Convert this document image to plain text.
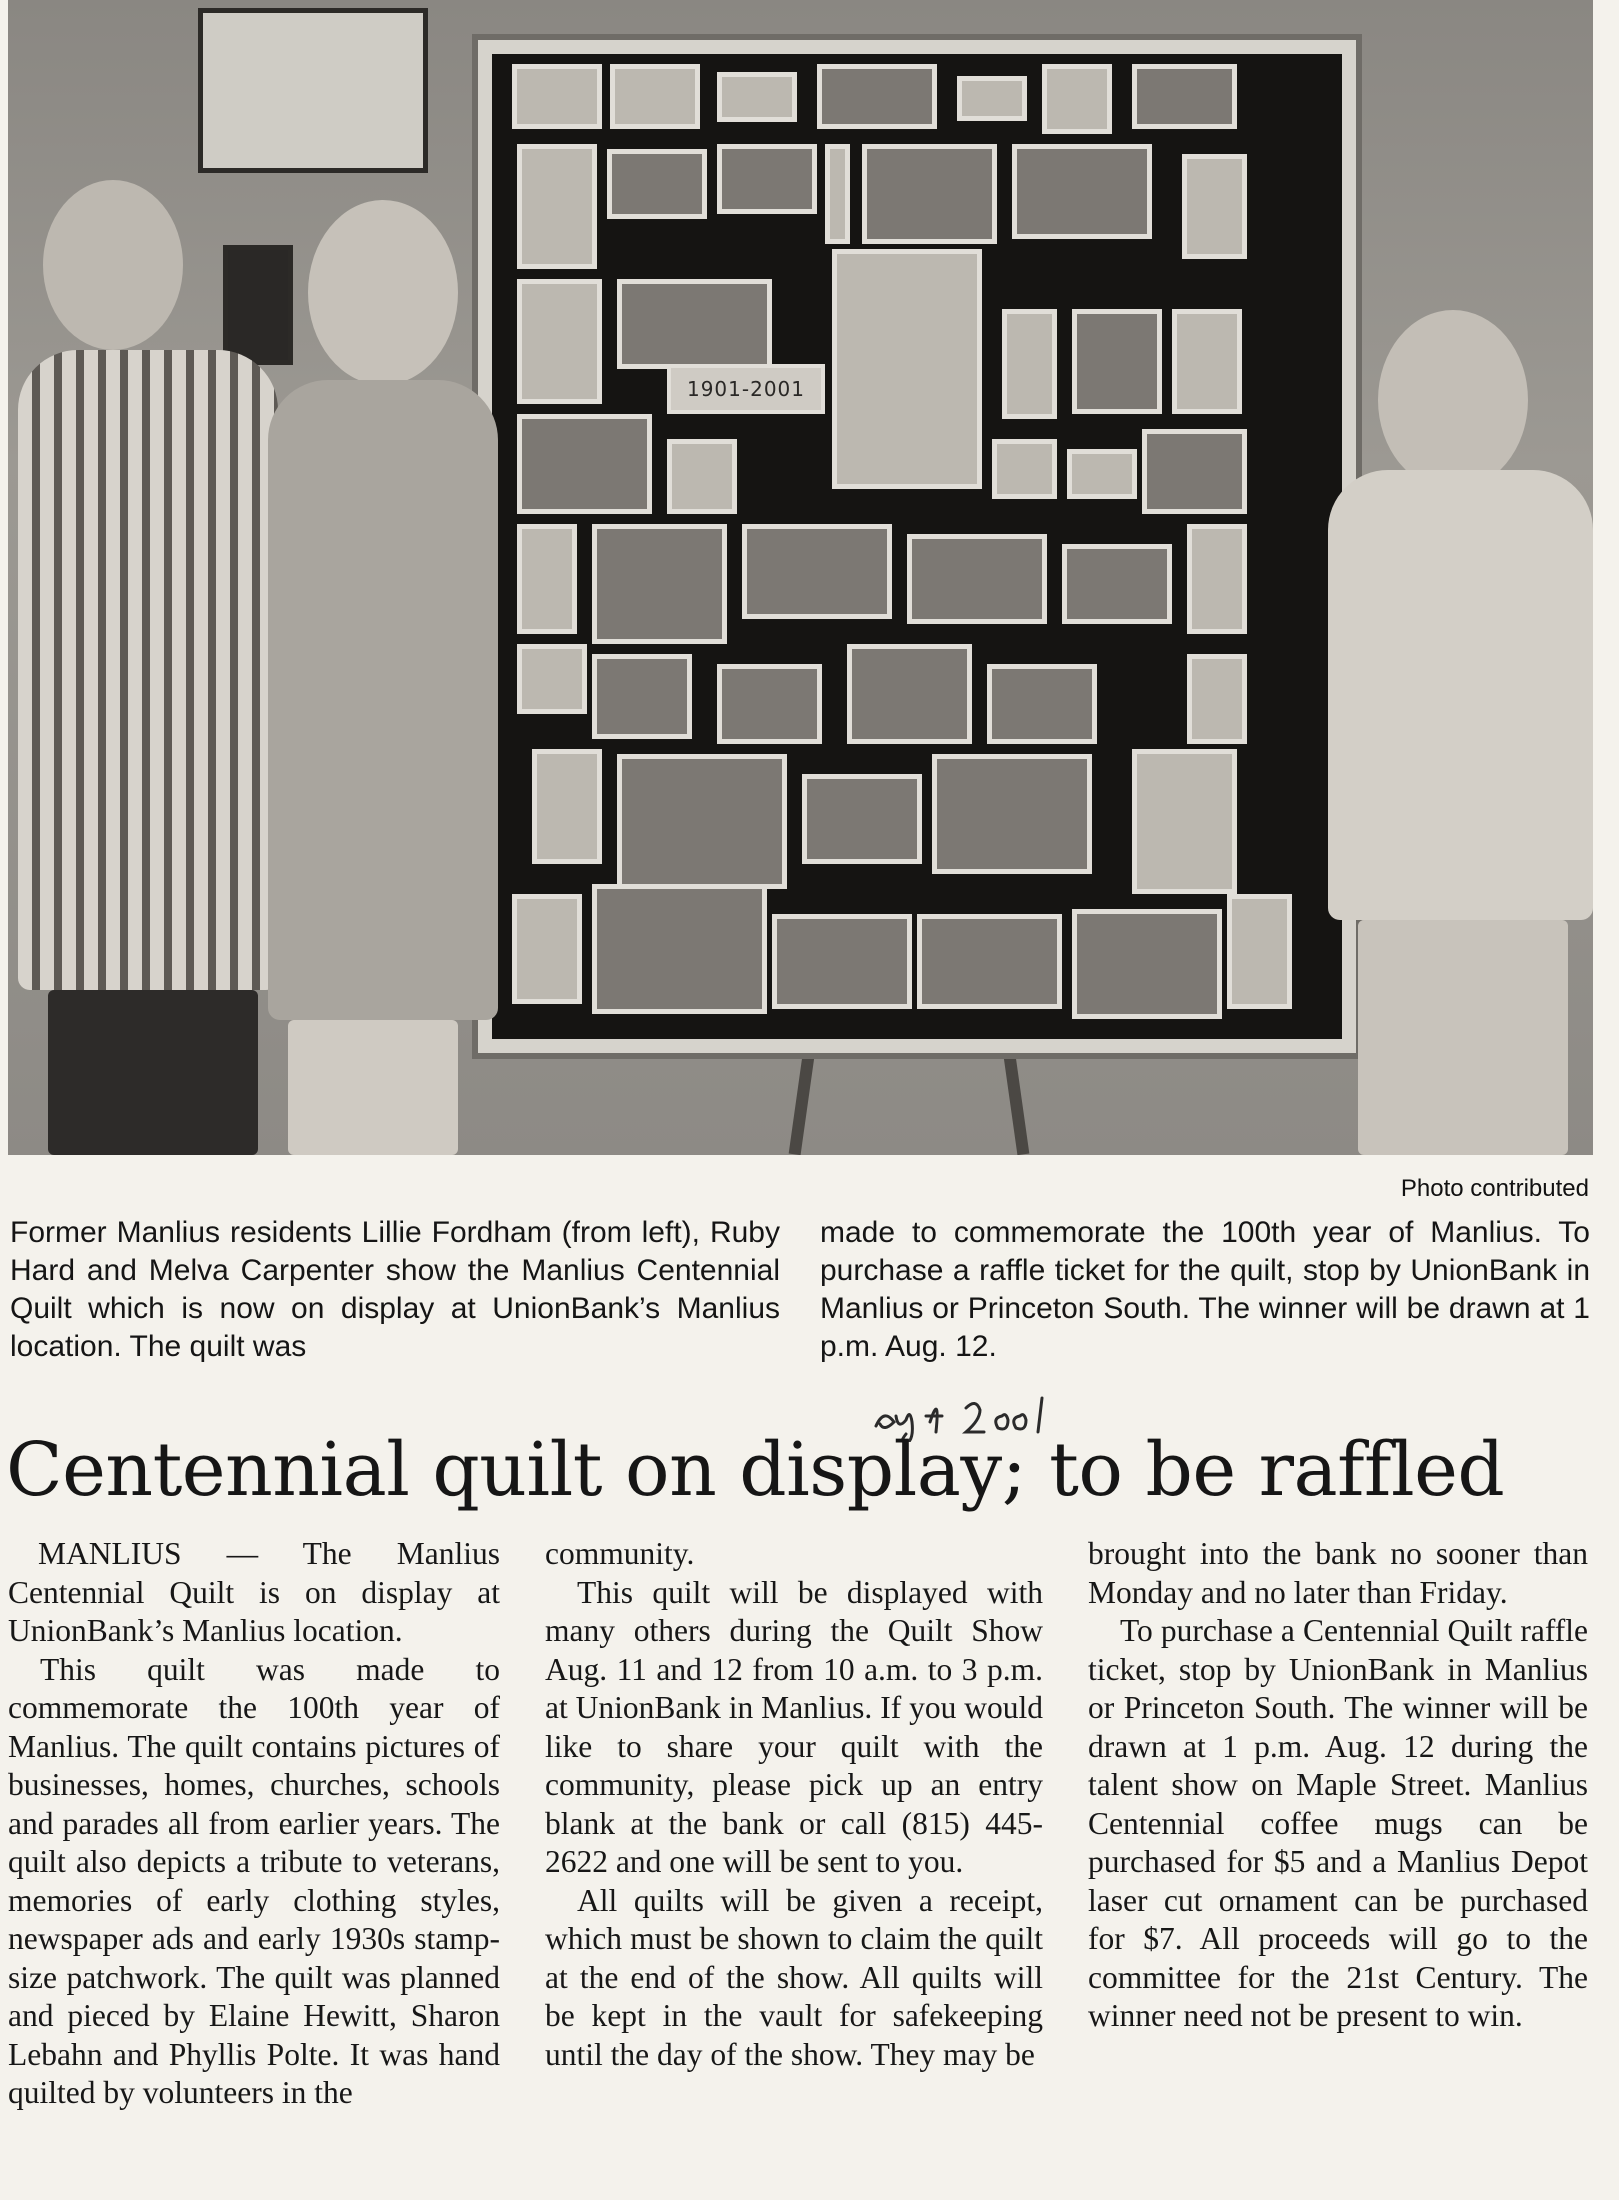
1901-2001
Photo contributed
Former Manlius residents Lillie Fordham (from left), Ruby Hard and Melva Carpenter show the Manlius Centennial Quilt which is now on display at UnionBank’s Manlius location. The quilt was
made to commemorate the 100th year of Manlius. To purchase a raffle ticket for the quilt, stop by UnionBank in Manlius or Princeton South. The winner will be drawn at 1 p.m. Aug. 12.
Centennial quilt on display; to be raffled

MANLIUS — The Manlius Centennial Quilt is on display at UnionBank’s Manlius location.

This quilt was made to commemorate the 100th year of Manlius. The quilt contains pictures of businesses, homes, churches, schools and parades all from earlier years. The quilt also depicts a tribute to veterans, memories of early clothing styles, newspaper ads and early 1930s stamp-size patchwork. The quilt was planned and pieced by Elaine Hewitt, Sharon Lebahn and Phyllis Polte. It was hand quilted by volunteers in the

community.

This quilt will be displayed with many others during the Quilt Show Aug. 11 and 12 from 10 a.m. to 3 p.m. at UnionBank in Manlius. If you would like to share your quilt with the community, please pick up an entry blank at the bank or call (815) 445-2622 and one will be sent to you.

All quilts will be given a receipt, which must be shown to claim the quilt at the end of the show. All quilts will be kept in the vault for safekeeping until the day of the show. They may be

brought into the bank no sooner than Monday and no later than Friday.

To purchase a Centennial Quilt raffle ticket, stop by UnionBank in Manlius or Princeton South. The winner will be drawn at 1 p.m. Aug. 12 during the talent show on Maple Street. Manlius Centennial coffee mugs can be purchased for $5 and a Manlius Depot laser cut ornament can be purchased for $7. All proceeds will go to the committee for the 21st Century. The winner need not be present to win.
